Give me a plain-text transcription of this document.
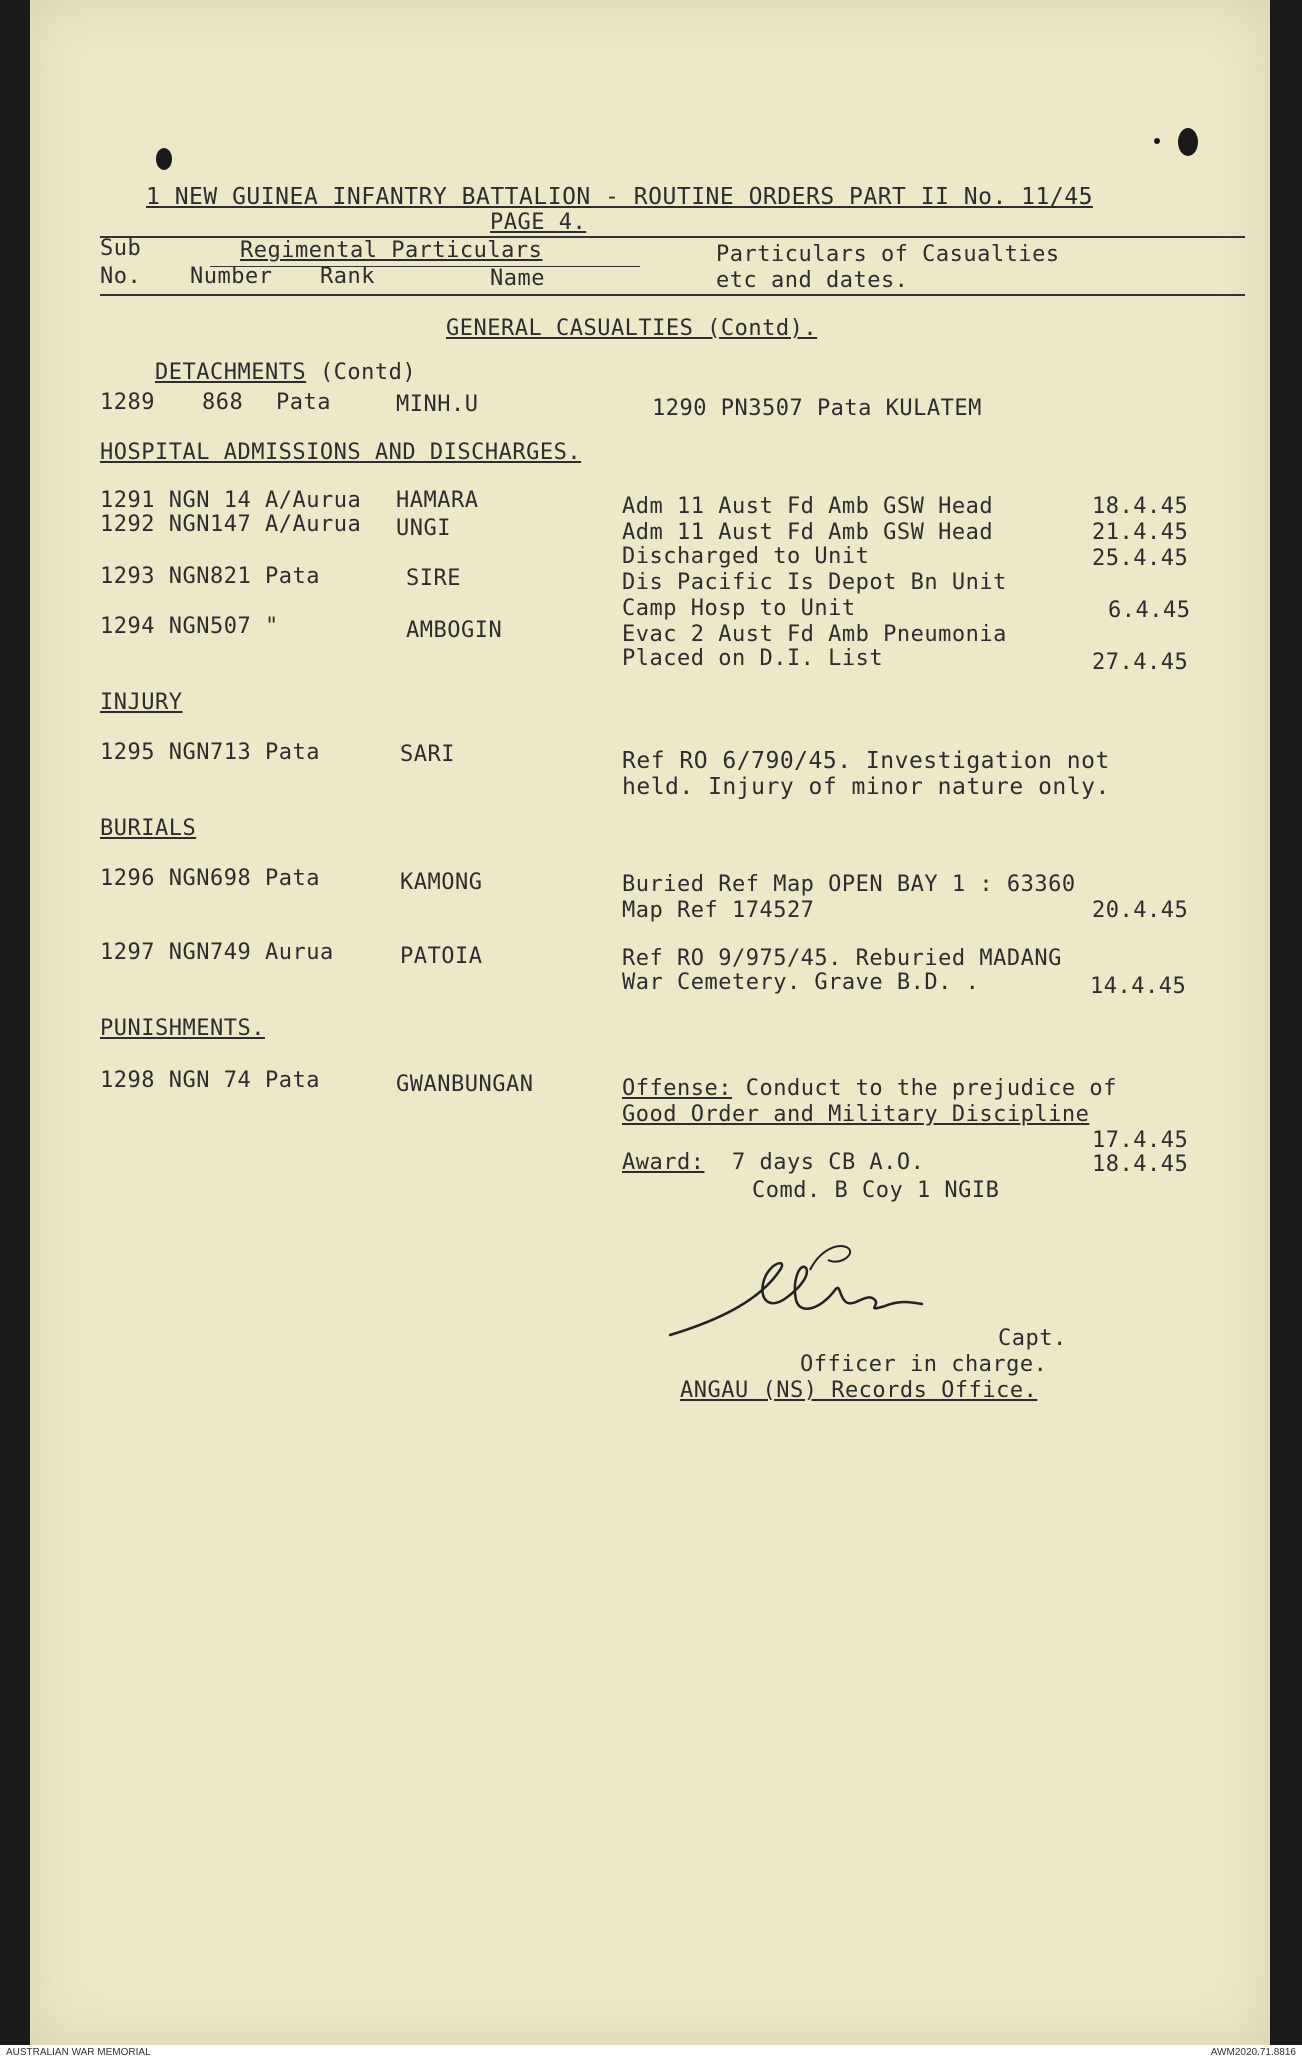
1 NEW GUINEA INFANTRY BATTALION - ROUTINE ORDERS PART II No. 11/45
PAGE 4.
Sub
No.
Regimental Particulars
Number Rank	Name
Particulars of Casualties
etc and dates.
GENERAL CASUALTIES (Contd).

DETACHMENTS (Contd)

1289 868 Pata	MINH.U	1290 PN3507 Pata KULATEM
HOSPITAL ADMISSIONS AND DISCHARGES.
1291 NGN 14 A/Aurua HAMARA	Adm 11 Aust Fd Amb GSW Head	18.4.45
1292 NGN147 A/Aurua UNGI	Adm 11 Aust Fd Amb GSW Head	21.4.45
Discharged to Unit	25.4.45
1293 NGN821 Pata	SIRE	Dis Pacific Is Depot Bn Unit
Camp Hosp to Unit	6.4.45
1294 NGN507 "	AMBOGIN	Evac 2 Aust Fd Amb Pneumonia
Placed on D.I. List	27.4.45
INJURY
1295 NGN713 Pata	SARI	Ref RO 6/790/45. Investigation not
held. Injury of minor nature only.
BURIALS
1296 NGN698 Pata	KAMONG	Buried Ref Map OPEN BAY 1 : 63360
Map Ref 174527	20.4.45
1297 NGN749 Aurua	PATOIA	Ref RO 9/975/45. Reburied MADANG
War Cemetery. Grave B.D. .	14.4.45
PUNISHMENTS.
1298 NGN 74 Pata	GWANBUNGAN	Offense: Conduct to the prejudice of
Good Order and Military Discipline
17.4.45
Award: 7 days CB A.O.	18.4.45
Comd. B Coy 1 NGIB
Capt.
Officer in charge.
ANGAU (NS) Records Office.
AUSTRALIAN WAR MEMORIAL	AWM2020.71.8816
